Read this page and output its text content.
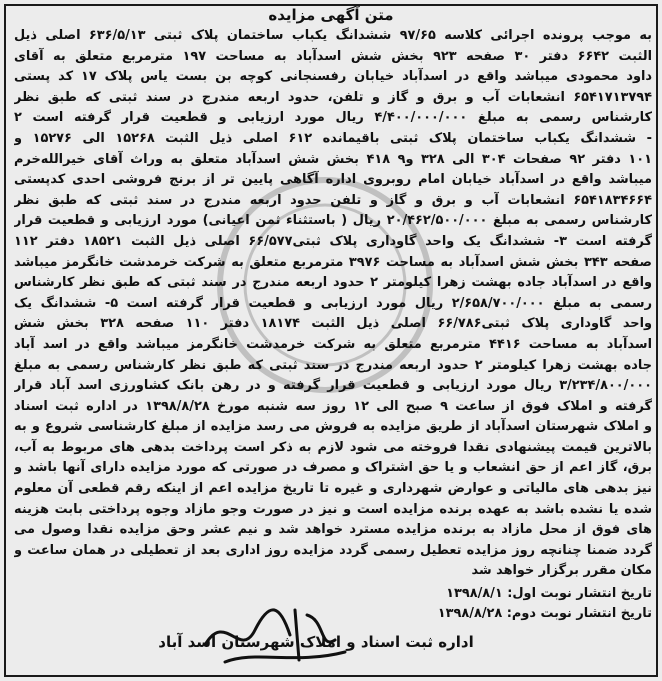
متن آگهی مزایده
به موجب پرونده اجرائی کلاسه ۹۷/۶۵ ششدانگ یکباب ساختمان پلاک ثبتی ۶۳۶/۵/۱۳ اصلی ذیل
الثبت ۶۶۴۲ دفتر ۳۰ صفحه ۹۲۳ بخش شش اسدآباد به مساحت ۱۹۷ مترمربع متعلق به آقای
داود محمودی میباشد واقع در اسدآباد خیابان رفسنجانی کوچه بن بست یاس پلاک ۱۷ کد پستی
۶۵۴۱۷۱۳۷۹۴ انشعابات آب و برق و گاز و تلفن، حدود اربعه مندرج در سند ثبتی که طبق نظر
کارشناس رسمی به مبلغ ۴/۴۰۰/۰۰۰/۰۰۰ ریال مورد ارزیابی و قطعیت قرار گرفته است ۲
- ششدانگ یکباب ساختمان پلاک ثبتی باقیمانده ۶۱۲ اصلی ذیل الثبت ۱۵۲۶۸ الی ۱۵۲۷۶ و
۱۰۱ دفتر ۹۲ صفحات ۳۰۴ الی ۳۲۸ و۹ ۴۱۸ بخش شش اسدآباد متعلق به وراث آقای خیرالله‌خرم
میباشد واقع در اسدآباد خیابان امام روبروی اداره آگاهی پایین تر از برنج فروشی احدی کدپستی
۶۵۴۱۸۳۴۶۶۴ انشعابات آب و برق و گاز و تلفن حدود اربعه مندرج در سند ثبتی که طبق نظر
کارشناس رسمی به مبلغ ۲۰/۴۶۲/۵۰۰/۰۰۰ ریال ( باستثناء ثمن اعیانی) مورد ارزیابی و قطعیت قرار
گرفته است ۳- ششدانگ یک واحد گاوداری پلاک ثبتی۶۶/۵۷۷ اصلی ذیل الثبت ۱۸۵۲۱ دفتر ۱۱۲
صفحه ۳۴۳ بخش شش اسدآباد به مساحت ۳۹۷۶ مترمربع متعلق به شرکت خرمدشت خانگرمز میباشد
واقع در اسدآباد جاده بهشت زهرا کیلومتر ۲ حدود اربعه مندرج در سند ثبتی که طبق نظر کارشناس
رسمی به مبلغ ۲/۶۵۸/۷۰۰/۰۰۰ ریال مورد ارزیابی و قطعیت قرار گرفته است ۵- ششدانگ یک
واحد گاوداری پلاک ثبتی۶۶/۷۸۶ اصلی ذیل الثبت ۱۸۱۷۴ دفتر ۱۱۰ صفحه ۳۲۸ بخش شش
اسدآباد به مساحت ۴۴۱۶ مترمربع متعلق به شرکت خرمدشت خانگرمز میباشد واقع در اسد آباد
جاده بهشت زهرا کیلومتر ۲ حدود اربعه مندرج در سند ثبتی که طبق نظر کارشناس رسمی به مبلغ
۳/۲۳۴/۸۰۰/۰۰۰ ریال مورد ارزیابی و قطعیت قرار گرفته و در رهن بانک کشاورزی اسد آباد قرار
گرفته و املاک فوق از ساعت ۹ صبح الی ۱۲ روز سه شنبه مورخ ۱۳۹۸/۸/۲۸ در اداره ثبت اسناد
و املاک شهرستان اسدآباد از طریق مزایده به فروش می رسد مزایده از مبلغ کارشناسی شروع و به
بالاترین قیمت پیشنهادی نقدا فروخته می شود لازم به ذکر است پرداخت بدهی های مربوط به آب،
برق، گاز اعم از حق انشعاب و یا حق اشتراک و مصرف در صورتی که مورد مزایده دارای آنها باشد و
نیز بدهی های مالیاتی و عوارض شهرداری و غیره تا تاریخ مزایده اعم از اینکه رقم قطعی آن معلوم
شده یا نشده باشد به عهده برنده مزایده است و نیز در صورت وجو مازاد وجوه پرداختی بابت هزینه
های فوق از محل مازاد به برنده مزایده مسترد خواهد شد و نیم عشر وحق مزایده نقدا وصول می
گردد ضمنا چنانچه روز مزایده تعطیل رسمی گردد مزایده روز اداری بعد از تعطیلی در همان ساعت و
مکان مقرر برگزار خواهد شد
تاریخ انتشار نوبت اول: ۱۳۹۸/۸/۱
تاریخ انتشار نوبت دوم: ۱۳۹۸/۸/۲۸
اداره ثبت اسناد و املاک شهرستان اسد آباد
